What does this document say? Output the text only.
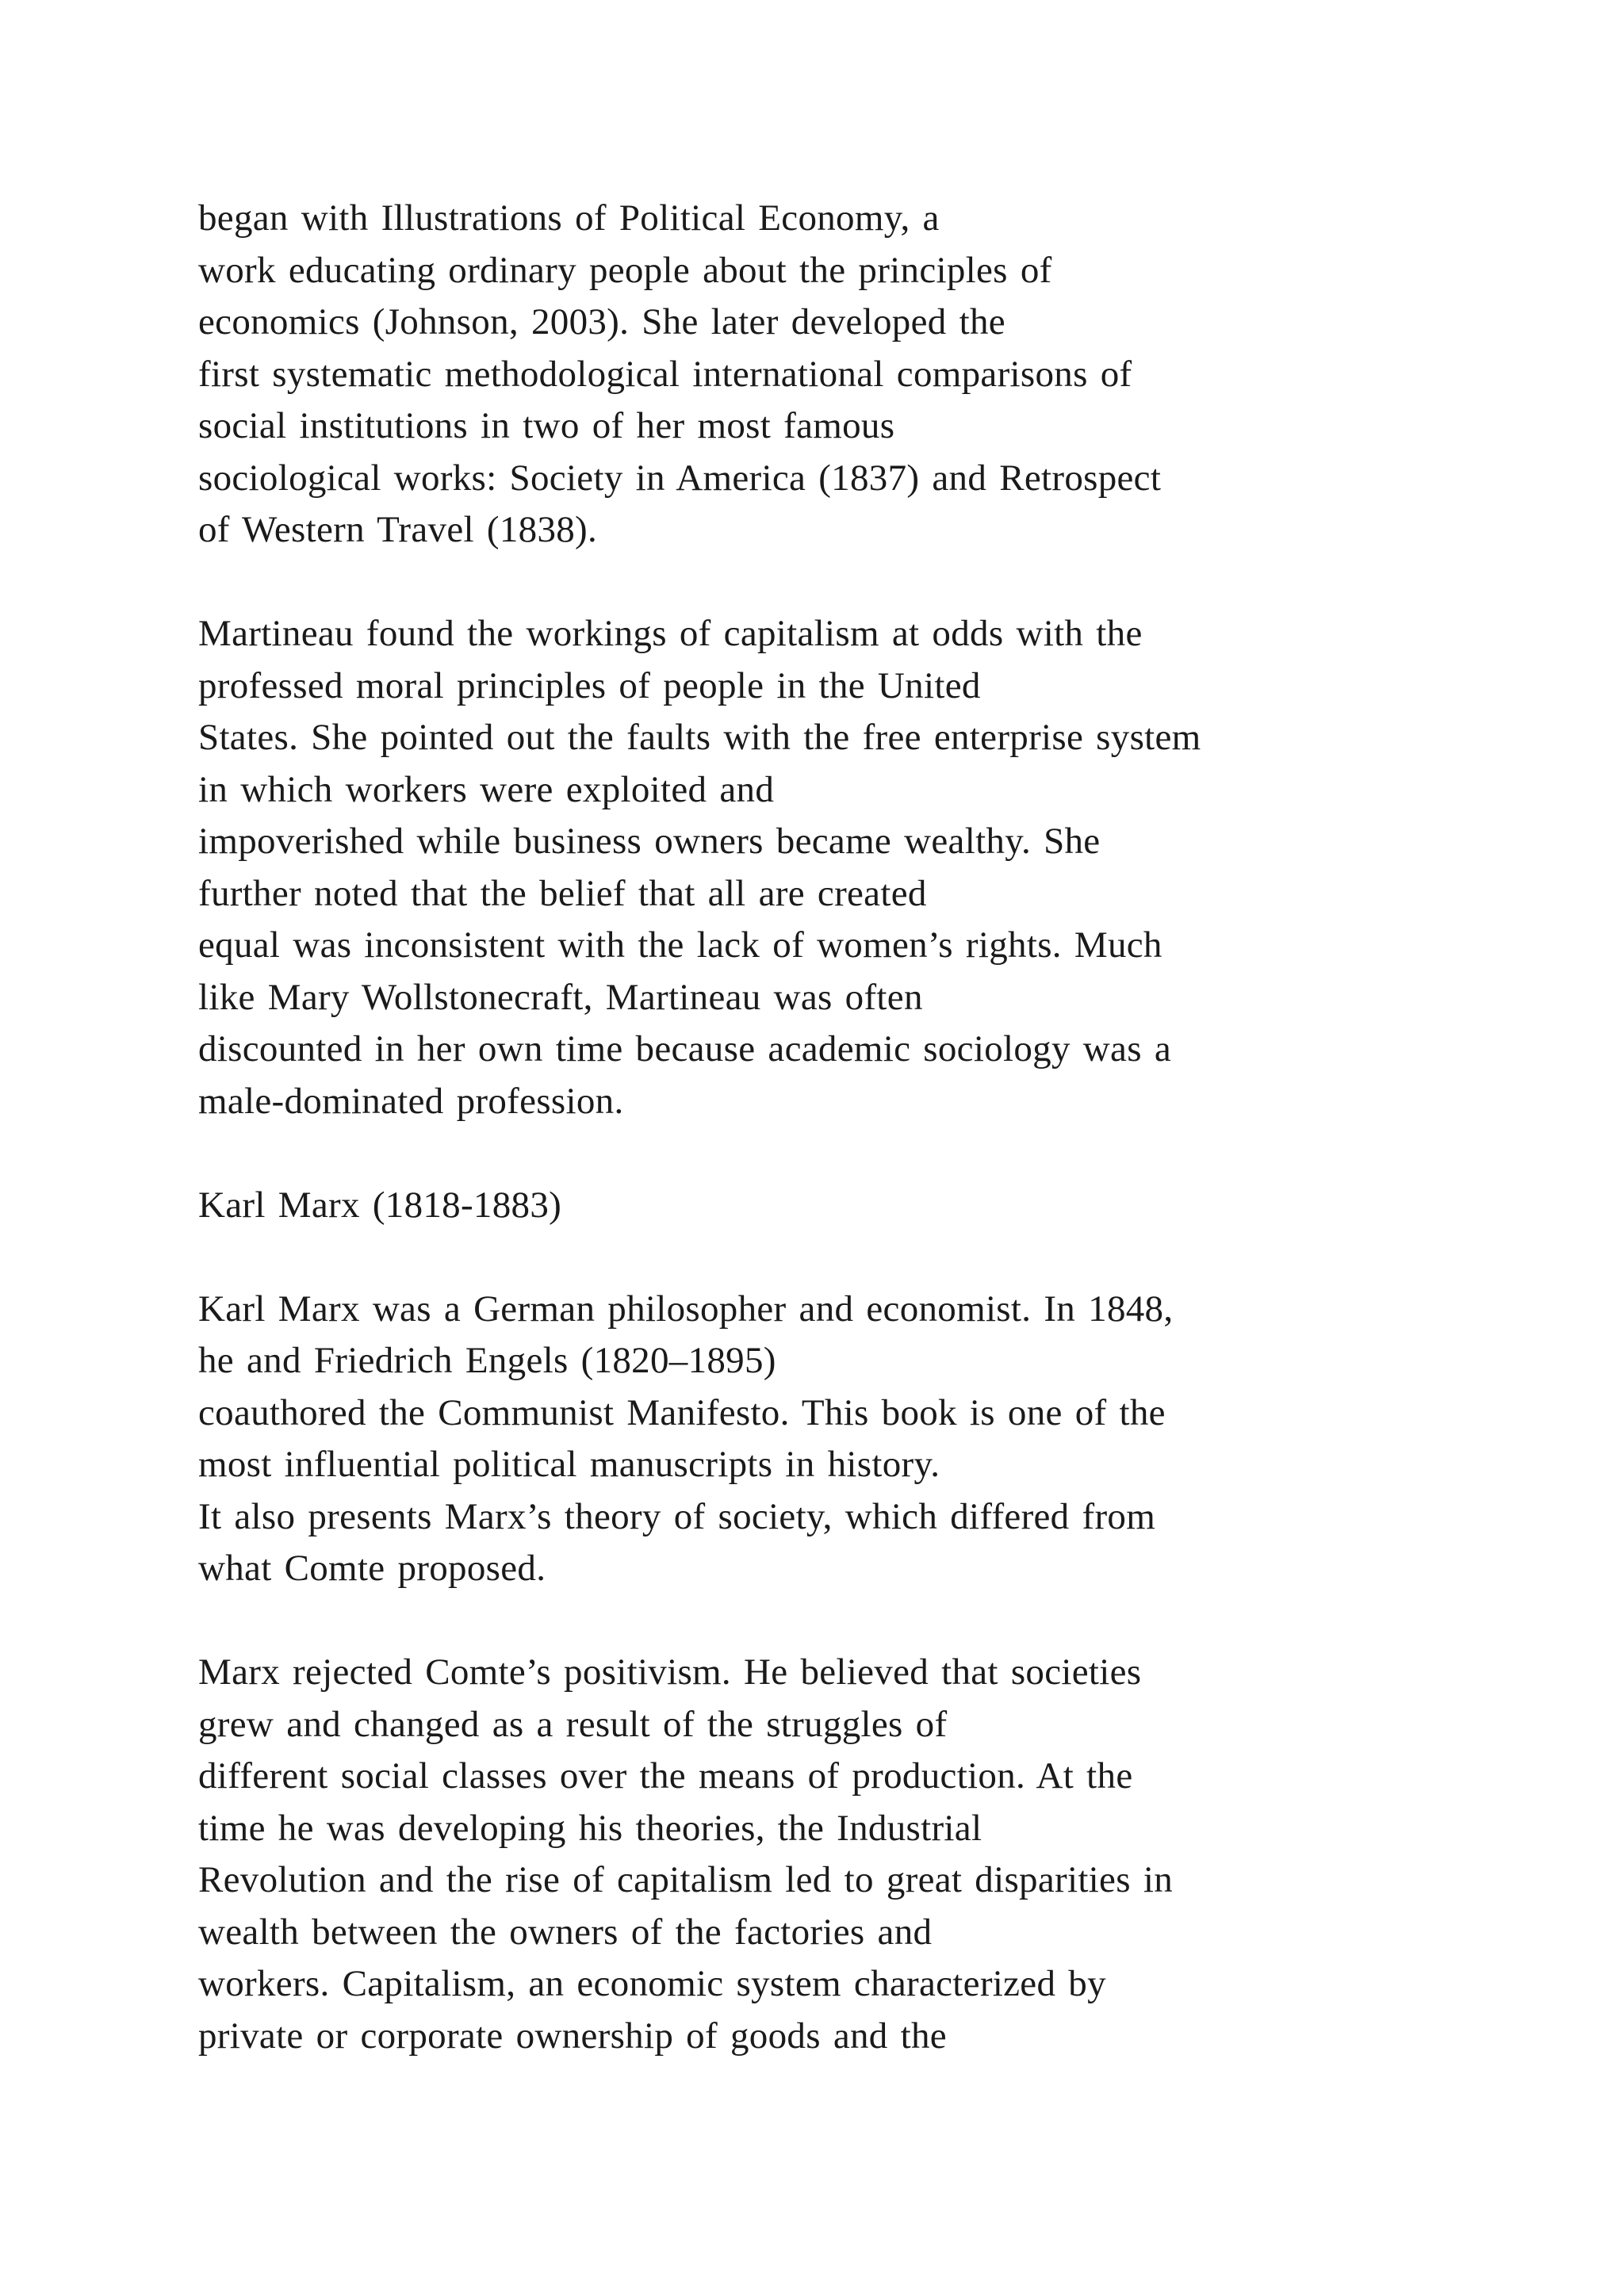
began with Illustrations of Political Economy, a
work educating ordinary people about the principles of
economics (Johnson, 2003). She later developed the
first systematic methodological international comparisons of
social institutions in two of her most famous
sociological works: Society in America (1837) and Retrospect
of Western Travel (1838).
Martineau found the workings of capitalism at odds with the
professed moral principles of people in the United
States. She pointed out the faults with the free enterprise system
in which workers were exploited and
impoverished while business owners became wealthy. She
further noted that the belief that all are created
equal was inconsistent with the lack of women’s rights. Much
like Mary Wollstonecraft, Martineau was often
discounted in her own time because academic sociology was a
male-dominated profession.
Karl Marx (1818-1883)
Karl Marx was a German philosopher and economist. In 1848,
he and Friedrich Engels (1820–1895)
coauthored the Communist Manifesto. This book is one of the
most influential political manuscripts in history.
It also presents Marx’s theory of society, which differed from
what Comte proposed.
Marx rejected Comte’s positivism. He believed that societies
grew and changed as a result of the struggles of
different social classes over the means of production. At the
time he was developing his theories, the Industrial
Revolution and the rise of capitalism led to great disparities in
wealth between the owners of the factories and
workers. Capitalism, an economic system characterized by
private or corporate ownership of goods and the
